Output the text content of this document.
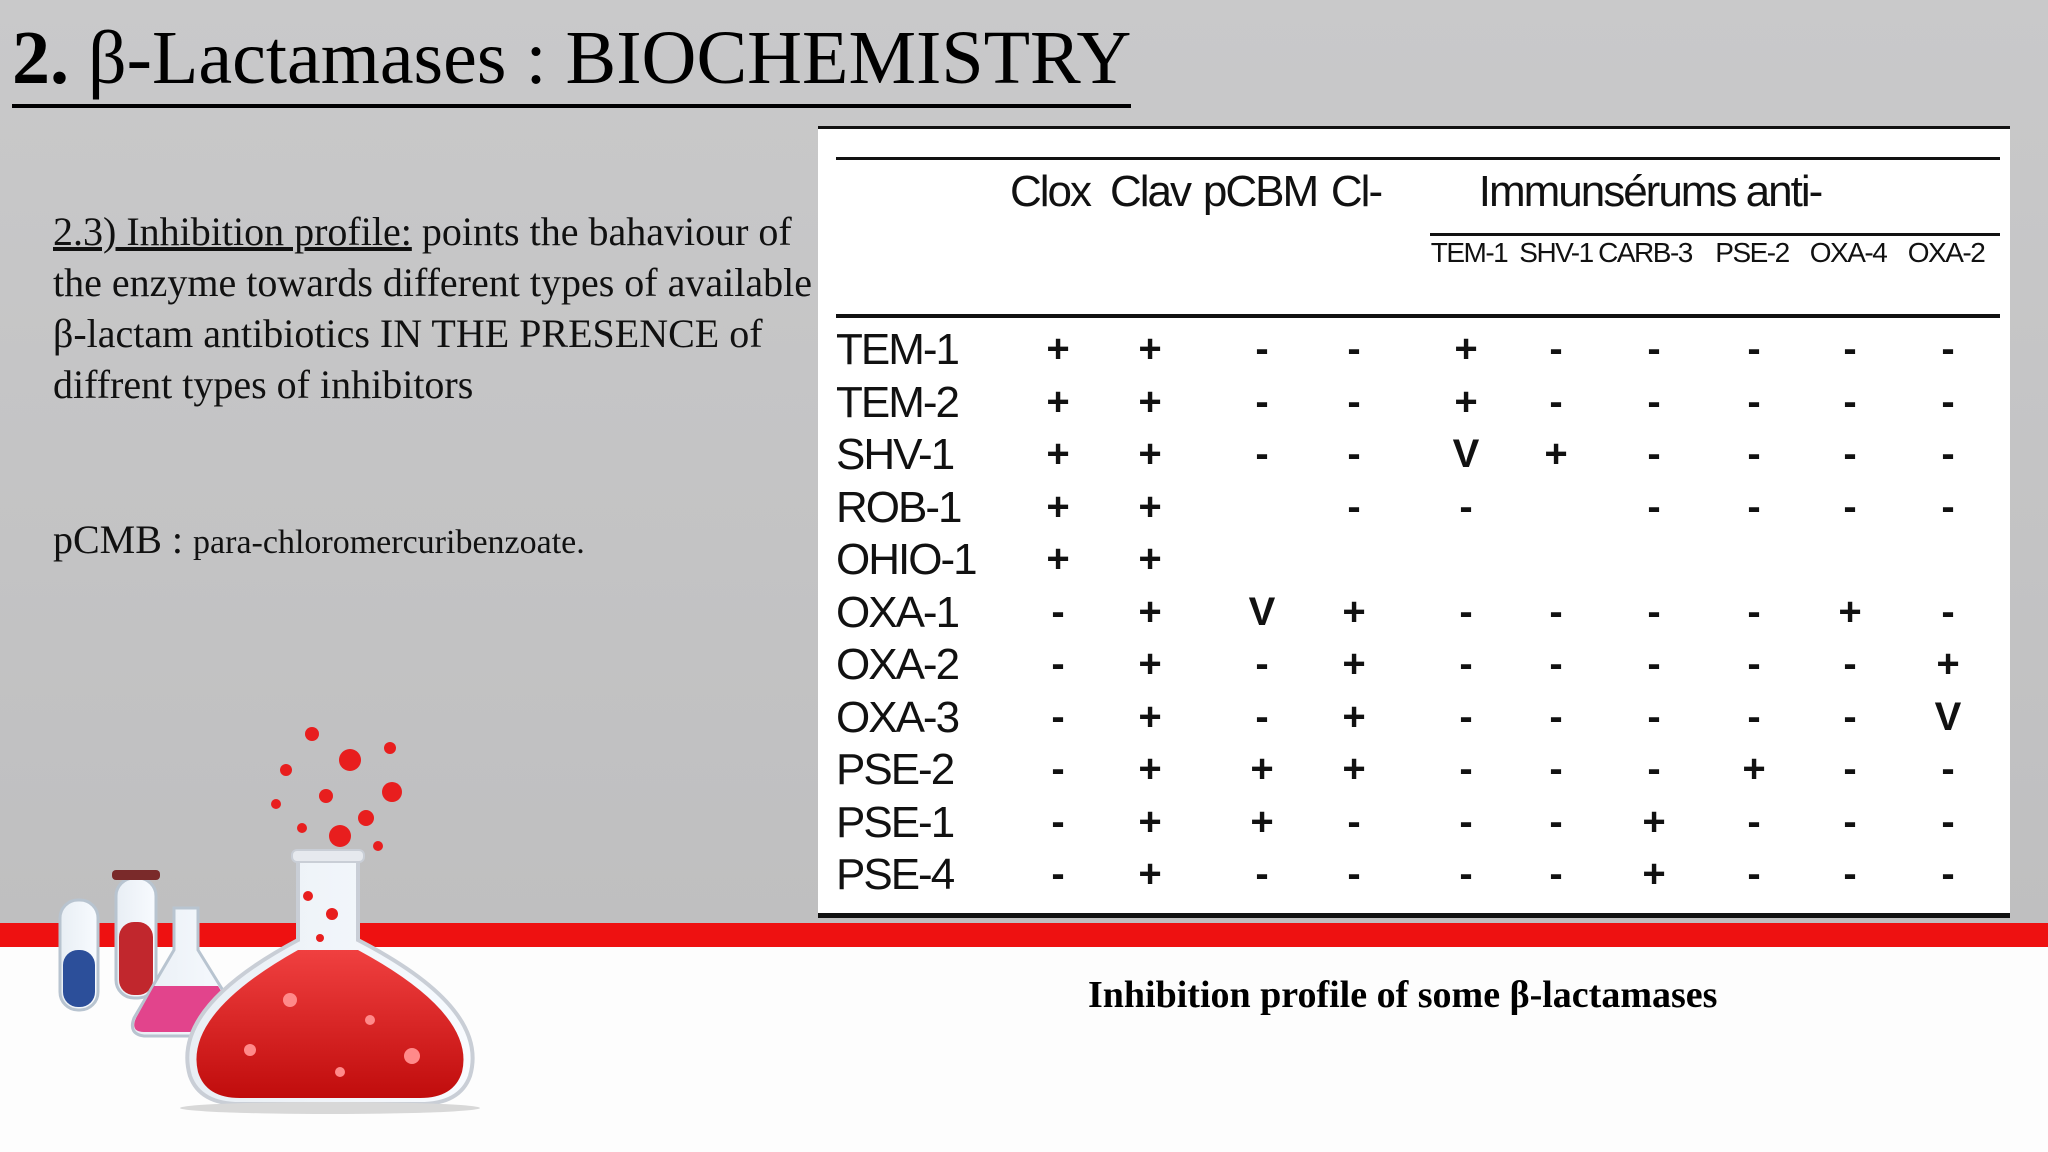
2. β-Lactamases : BIOCHEMISTRY
2.3) Inhibition profile: points the bahaviour of the enzyme towards different types of available β-lactam antibiotics IN THE PRESENCE of diffrent types of inhibitors
pCMB : para-chloromercuribenzoate.
Clox Clav pCBM Cl- Immunsérums anti-
TEM-1 SHV-1 CARB-3 PSE-2 OXA-4 OXA-2
TEM-1 + + - - + - - - - -
TEM-2 + + - - + - - - - -
SHV-1 + + - - V + - - - -
ROB-1 + +	- -	- - - -
OHIO-1 + +
OXA-1 - + V + - - - - + -
OXA-2 - + - + - - - - - +
OXA-3 - + - + - - - - - V
PSE-2 - + + + - - - + - -
PSE-1 - + + - - - + - - -
PSE-4 - + - - - - + - - -
Inhibition profile of some β-lactamases
